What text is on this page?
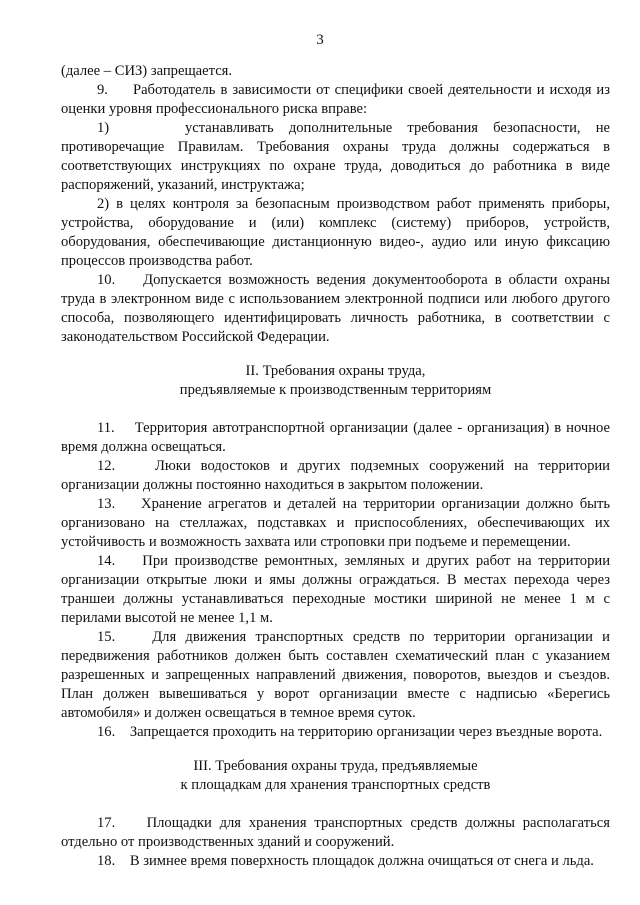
3

(далее – СИЗ) запрещается.

9.     Работодатель в зависимости от специфики своей деятельности и исходя из оценки уровня профессионального риска вправе:

1)     устанавливать дополнительные требования безопасности, не противоречащие Правилам. Требования охраны труда должны содержаться в соответствующих инструкциях по охране труда, доводиться до работника в виде распоряжений, указаний, инструктажа;

2) в целях контроля за безопасным производством работ применять приборы, устройства, оборудование и (или) комплекс (систему) приборов, устройств, оборудования, обеспечивающие дистанционную видео-, аудио или иную фиксацию процессов производства работ.

10.    Допускается возможность ведения документооборота в области охраны труда в электронном виде с использованием электронной подписи или любого другого способа, позволяющего идентифицировать личность работника, в соответствии с законодательством Российской Федерации.

II. Требования охраны труда,
предъявляемые к производственным территориям

11.    Территория автотранспортной организации (далее - организация) в ночное время должна освещаться.

12.    Люки водостоков и других подземных сооружений на территории организации должны постоянно находиться в закрытом положении.

13.    Хранение агрегатов и деталей на территории организации должно быть организовано на стеллажах, подставках и приспособлениях, обеспечивающих их устойчивость и возможность захвата или строповки при подъеме и перемещении.

14.    При производстве ремонтных, земляных и других работ на территории организации открытые люки и ямы должны ограждаться. В местах перехода через траншеи должны устанавливаться переходные мостики шириной не менее 1 м с перилами высотой не менее 1,1 м.

15.    Для движения транспортных средств по территории организации и передвижения работников должен быть составлен схематический план с указанием разрешенных и запрещенных направлений движения, поворотов, выездов и съездов. План должен вывешиваться у ворот организации вместе с надписью «Берегись автомобиля» и должен освещаться в темное время суток.

16.    Запрещается проходить на территорию организации через въездные ворота.

III. Требования охраны труда, предъявляемые
к площадкам для хранения транспортных средств

17.    Площадки для хранения транспортных средств должны располагаться отдельно от производственных зданий и сооружений.

18.    В зимнее время поверхность площадок должна очищаться от снега и льда.
